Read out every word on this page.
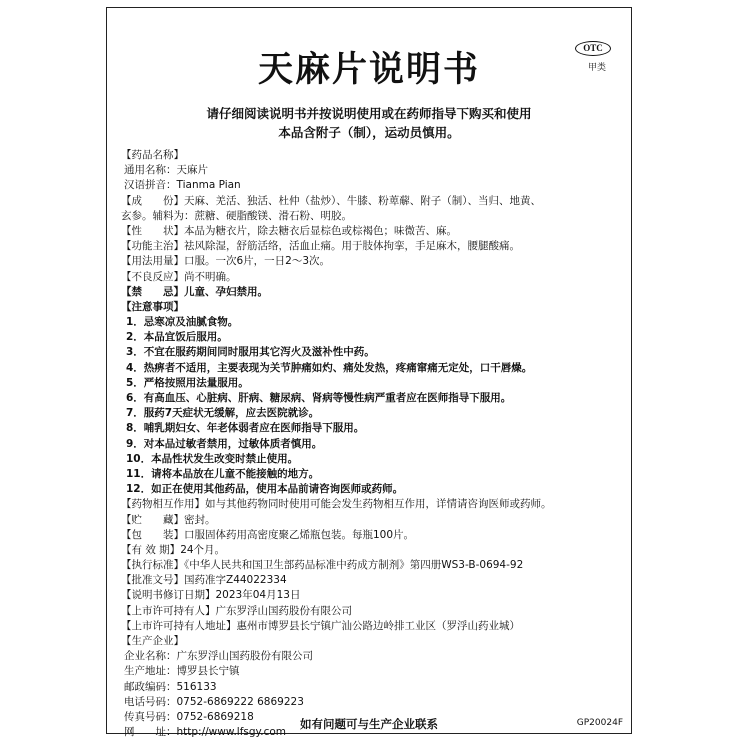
天麻片说明书
OTC
甲类
请仔细阅读说明书并按说明使用或在药师指导下购买和使用
本品含附子（制），运动员慎用。
【药品名称】
通用名称：天麻片
汉语拼音：Tianma Pian
【成　　份】天麻、羌活、独活、杜仲（盐炒）、牛膝、粉萆薢、附子（制）、当归、地黄、
玄参。辅料为：蔗糖、硬脂酸镁、滑石粉、明胶。
【性　　状】本品为糖衣片，除去糖衣后显棕色或棕褐色；味微苦、麻。
【功能主治】祛风除湿，舒筋活络，活血止痛。用于肢体拘挛，手足麻木，腰腿酸痛。
【用法用量】口服。一次6片，一日2～3次。
【不良反应】尚不明确。
【禁　　忌】儿童、孕妇禁用。
【注意事项】
1．忌寒凉及油腻食物。
2．本品宜饭后服用。
3．不宜在服药期间同时服用其它泻火及滋补性中药。
4．热痹者不适用，主要表现为关节肿痛如灼、痛处发热，疼痛窜痛无定处，口干唇燥。
5．严格按照用法量服用。
6．有高血压、心脏病、肝病、糖尿病、肾病等慢性病严重者应在医师指导下服用。
7．服药7天症状无缓解，应去医院就诊。
8．哺乳期妇女、年老体弱者应在医师指导下服用。
9．对本品过敏者禁用，过敏体质者慎用。
10．本品性状发生改变时禁止使用。
11．请将本品放在儿童不能接触的地方。
12．如正在使用其他药品，使用本品前请咨询医师或药师。
【药物相互作用】如与其他药物同时使用可能会发生药物相互作用，详情请咨询医师或药师。
【贮　　藏】密封。
【包　　装】口服固体药用高密度聚乙烯瓶包装。每瓶100片。
【有 效 期】24个月。
【执行标准】《中华人民共和国卫生部药品标准中药成方制剂》第四册WS3-B-0694-92
【批准文号】国药准字Z44022334
【说明书修订日期】2023年04月13日
【上市许可持有人】广东罗浮山国药股份有限公司
【上市许可持有人地址】惠州市博罗县长宁镇广汕公路边岭排工业区（罗浮山药业城）
【生产企业】
企业名称：广东罗浮山国药股份有限公司
生产地址：博罗县长宁镇
邮政编码：516133
电话号码：0752-6869222 6869223
传真号码：0752-6869218
网　　址：http://www.lfsgy.com
如有问题可与生产企业联系	GP20024F
